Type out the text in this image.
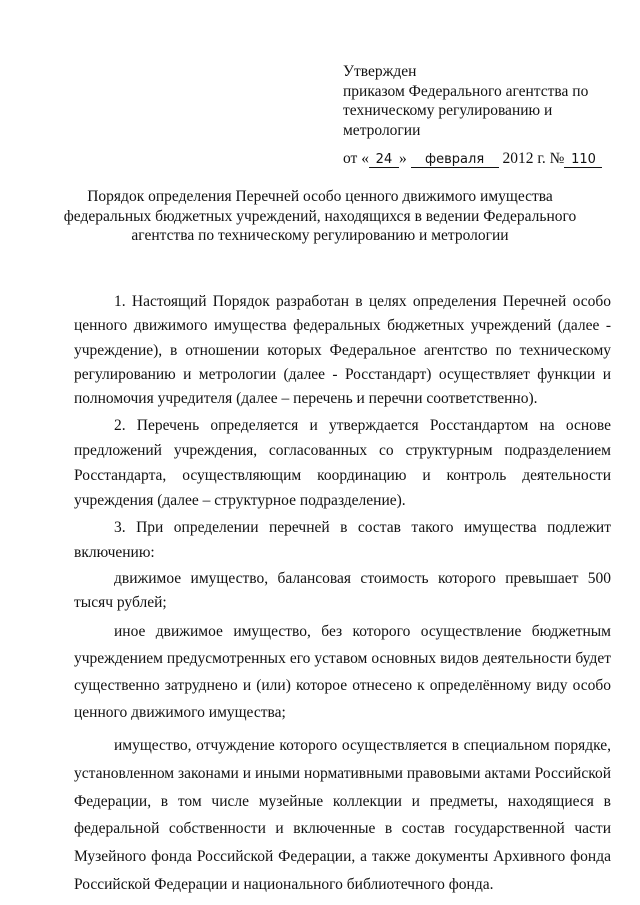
Утвержден
приказом Федерального агентства по
техническому регулированию и
метрологии
от « 24 » февраля 2012 г. № 110
Порядок определения Перечней особо ценного движимого имущества
федеральных бюджетных учреждений, находящихся в ведении Федерального
агентства по техническому регулированию и метрологии

1. Настоящий Порядок разработан в целях определения Перечней особо ценного движимого имущества федеральных бюджетных учреждений (далее - учреждение), в отношении которых Федеральное агентство по техническому регулированию и метрологии (далее - Росстандарт) осуществляет функции и полномочия учредителя (далее – перечень и перечни соответственно).

2. Перечень определяется и утверждается Росстандартом на основе предложений учреждения, согласованных со структурным подразделением Росстандарта, осуществляющим координацию и контроль деятельности учреждения (далее – структурное подразделение).

3. При определении перечней в состав такого имущества подлежит включению:

движимое имущество, балансовая стоимость которого превышает 500 тысяч рублей;

иное движимое имущество, без которого осуществление бюджетным учреждением предусмотренных его уставом основных видов деятельности будет существенно затруднено и (или) которое отнесено к определённому виду особо ценного движимого имущества;

имущество, отчуждение которого осуществляется в специальном порядке, установленном законами и иными нормативными правовыми актами Российской Федерации, в том числе музейные коллекции и предметы, находящиеся в федеральной собственности и включенные в состав государственной части Музейного фонда Российской Федерации, а также документы Архивного фонда Российской Федерации и национального библиотечного фонда.
